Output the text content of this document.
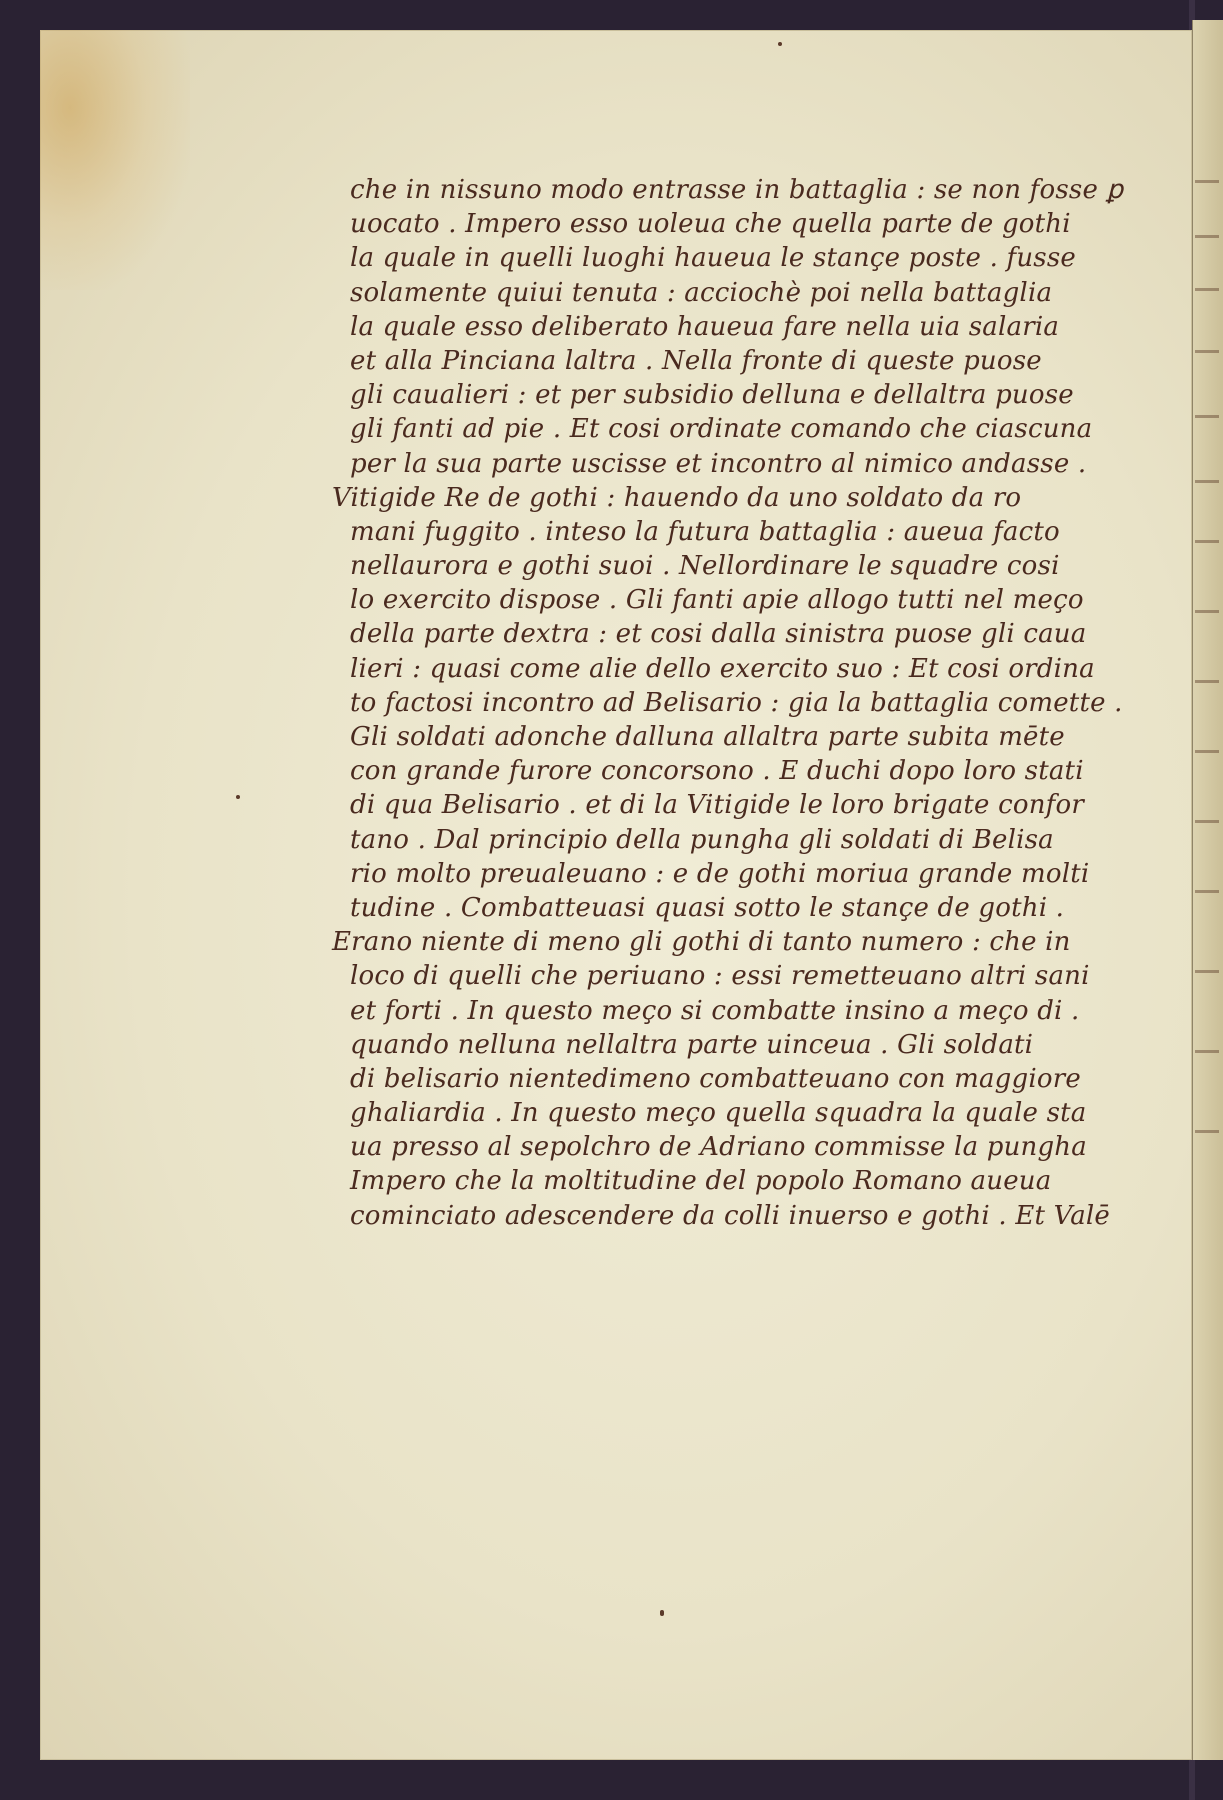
che in nissuno modo entrasse in battaglia : se non fosse ꝑ
uocato . Impero esso uoleua che quella parte de gothi
la quale in quelli luoghi haueua le stançe poste . fusse
solamente quiui tenuta : acciochè poi nella battaglia
la quale esso deliberato haueua fare nella uia salaria
et alla Pinciana laltra . Nella fronte di queste puose
gli caualieri : et per subsidio delluna e dellaltra puose
gli fanti ad pie . Et cosi ordinate comando che ciascuna
per la sua parte uscisse et incontro al nimico andasse .
Vitigide Re de gothi : hauendo da uno soldato da ro
mani fuggito . inteso la futura battaglia : aueua facto
nellaurora e gothi suoi . Nellordinare le squadre cosi
lo exercito dispose . Gli fanti apie allogo tutti nel meço
della parte dextra : et cosi dalla sinistra puose gli caua
lieri : quasi come alie dello exercito suo : Et cosi ordina
to factosi incontro ad Belisario : gia la battaglia comette .
Gli soldati adonche dalluna allaltra parte subita mēte
con grande furore concorsono . E duchi dopo loro stati
di qua Belisario . et di la Vitigide le loro brigate confor
tano . Dal principio della pungha gli soldati di Belisa
rio molto preualeuano : e de gothi moriua grande molti
tudine . Combatteuasi quasi sotto le stançe de gothi .
Erano niente di meno gli gothi di tanto numero : che in
loco di quelli che periuano : essi remetteuano altri sani
et forti . In questo meço si combatte insino a meço di .
quando nelluna nellaltra parte uinceua . Gli soldati
di belisario nientedimeno combatteuano con maggiore
ghaliardia . In questo meço quella squadra la quale sta
ua presso al sepolchro de Adriano commisse la pungha
Impero che la moltitudine del popolo Romano aueua
cominciato adescendere da colli inuerso e gothi . Et Valē
